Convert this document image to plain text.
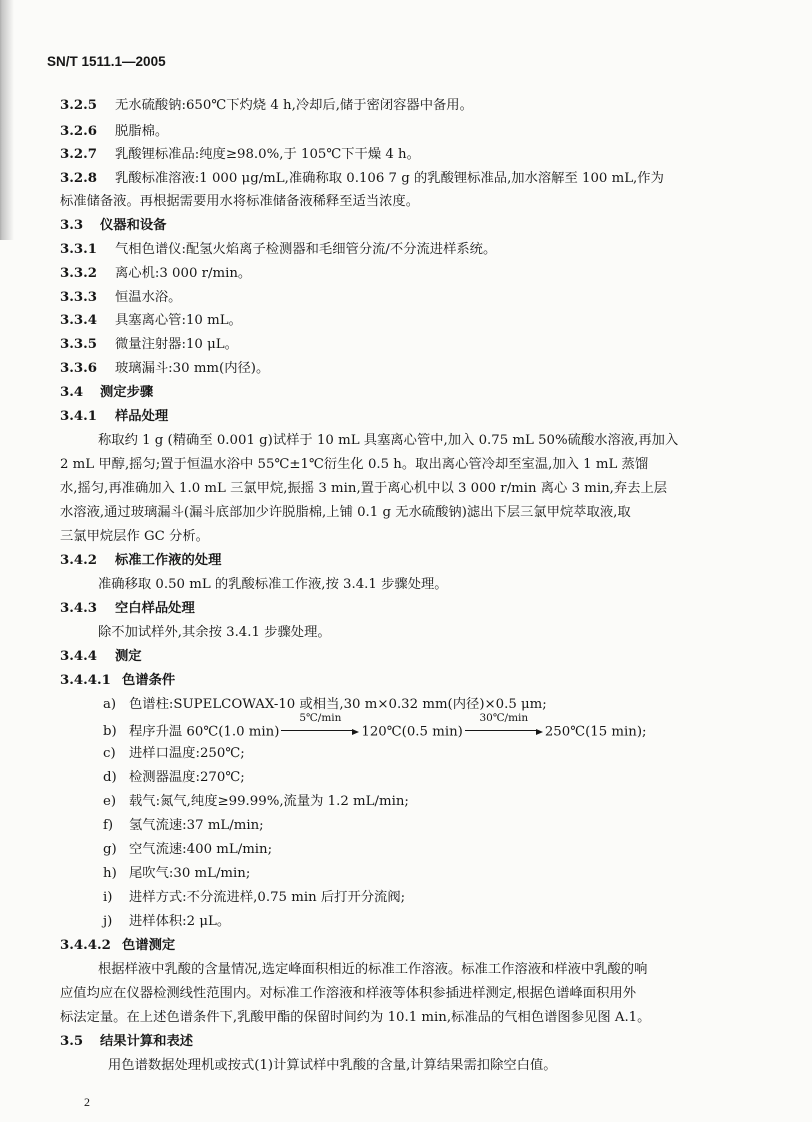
SN/T 1511.1—2005
3.2.5 无水硫酸钠:650℃下灼烧 4 h,冷却后,储于密闭容器中备用。
3.2.6 脱脂棉。
3.2.7 乳酸锂标准品:纯度≥98.0%,于 105℃下干燥 4 h。
3.2.8 乳酸标准溶液:1 000 μg/mL,准确称取 0.106 7 g 的乳酸锂标准品,加水溶解至 100 mL,作为
标准储备液。再根据需要用水将标准储备液稀释至适当浓度。
3.3 仪器和设备
3.3.1 气相色谱仪:配氢火焰离子检测器和毛细管分流/不分流进样系统。
3.3.2 离心机:3 000 r/min。
3.3.3 恒温水浴。
3.3.4 具塞离心管:10 mL。
3.3.5 微量注射器:10 μL。
3.3.6 玻璃漏斗:30 mm(内径)。
3.4 测定步骤
3.4.1 样品处理
称取约 1 g (精确至 0.001 g)试样于 10 mL 具塞离心管中,加入 0.75 mL 50%硫酸水溶液,再加入
2 mL 甲醇,摇匀;置于恒温水浴中 55℃±1℃衍生化 0.5 h。取出离心管冷却至室温,加入 1 mL 蒸馏
水,摇匀,再准确加入 1.0 mL 三氯甲烷,振摇 3 min,置于离心机中以 3 000 r/min 离心 3 min,弃去上层
水溶液,通过玻璃漏斗(漏斗底部加少许脱脂棉,上铺 0.1 g 无水硫酸钠)滤出下层三氯甲烷萃取液,取
三氯甲烷层作 GC 分析。
3.4.2 标准工作液的处理
准确移取 0.50 mL 的乳酸标准工作液,按 3.4.1 步骤处理。
3.4.3 空白样品处理
除不加试样外,其余按 3.4.1 步骤处理。
3.4.4 测定
3.4.4.1 色谱条件
a) 色谱柱:SUPELCOWAX-10 或相当,30 m×0.32 mm(内径)×0.5 μm;
b) 程序升温 60℃(1.0 min)
5℃/min
120℃(0.5 min)
30℃/min
250℃(15 min);
c) 进样口温度:250℃;
d) 检测器温度:270℃;
e) 载气:氮气,纯度≥99.99%,流量为 1.2 mL/min;
f) 氢气流速:37 mL/min;
g) 空气流速:400 mL/min;
h) 尾吹气:30 mL/min;
i) 进样方式:不分流进样,0.75 min 后打开分流阀;
j) 进样体积:2 μL。
3.4.4.2 色谱测定
根据样液中乳酸的含量情况,选定峰面积相近的标准工作溶液。标准工作溶液和样液中乳酸的响
应值均应在仪器检测线性范围内。对标准工作溶液和样液等体积参插进样测定,根据色谱峰面积用外
标法定量。在上述色谱条件下,乳酸甲酯的保留时间约为 10.1 min,标准品的气相色谱图参见图 A.1。
3.5 结果计算和表述
用色谱数据处理机或按式(1)计算试样中乳酸的含量,计算结果需扣除空白值。
2
